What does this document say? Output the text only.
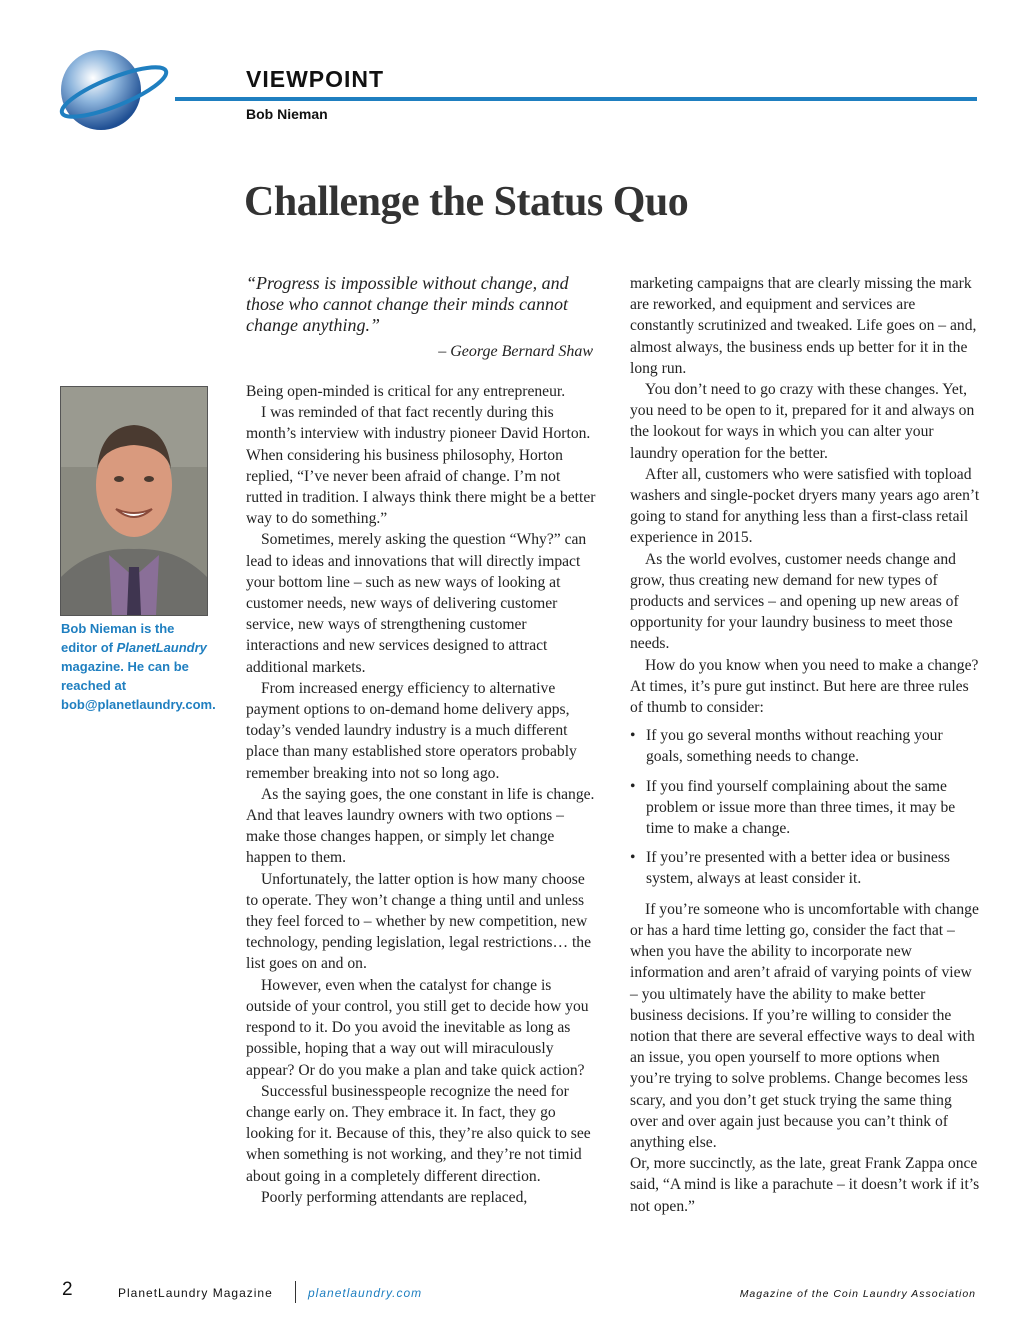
VIEWPOINT
Bob Nieman
Challenge the Status Quo
Bob Nieman is the
editor of PlanetLaundry
magazine. He can be
reached at
bob@planetlaundry.com.
“Progress is impossible without change, and those who cannot change their minds cannot change anything.”
– George Bernard Shaw

Being open-minded is critical for any entrepreneur.

I was reminded of that fact recently during this month’s interview with industry pioneer David Horton. When considering his business philosophy, Horton replied, “I’ve never been afraid of change. I’m not rutted in tradition. I always think there might be a better way to do something.”

Sometimes, merely asking the question “Why?” can lead to ideas and innovations that will directly impact your bottom line – such as new ways of looking at customer needs, new ways of delivering customer service, new ways of strengthening customer interactions and new services designed to attract additional markets.

From increased energy efficiency to alternative payment options to on-demand home delivery apps, today’s vended laundry industry is a much different place than many established store operators probably remember breaking into not so long ago.

As the saying goes, the one constant in life is change. And that leaves laundry owners with two options – make those changes happen, or simply let change happen to them.

Unfortunately, the latter option is how many choose to operate. They won’t change a thing until and unless they feel forced to – whether by new competition, new technology, pending legislation, legal restrictions… the list goes on and on.

However, even when the catalyst for change is outside of your control, you still get to decide how you respond to it. Do you avoid the inevitable as long as possible, hoping that a way out will miraculously appear? Or do you make a plan and take quick action?

Successful businesspeople recognize the need for change early on. They embrace it. In fact, they go looking for it. Because of this, they’re also quick to see when something is not working, and they’re not timid about going in a completely different direction.

Poorly performing attendants are replaced,

marketing campaigns that are clearly missing the mark are reworked, and equipment and services are constantly scrutinized and tweaked. Life goes on – and, almost always, the business ends up better for it in the long run.

You don’t need to go crazy with these changes. Yet, you need to be open to it, prepared for it and always on the lookout for ways in which you can alter your laundry operation for the better.

After all, customers who were satisfied with topload washers and single-pocket dryers many years ago aren’t going to stand for anything less than a first-class retail experience in 2015.

As the world evolves, customer needs change and grow, thus creating new demand for new types of products and services – and opening up new areas of opportunity for your laundry business to meet those needs.

How do you know when you need to make a change? At times, it’s pure gut instinct. But here are three rules of thumb to consider:

• If you go several months without reaching your goals, something needs to change.
• If you find yourself complaining about the same problem or issue more than three times, it may be time to make a change.
• If you’re presented with a better idea or business system, always at least consider it.

If you’re someone who is uncomfortable with change or has a hard time letting go, consider the fact that – when you have the ability to incorporate new information and aren’t afraid of varying points of view – you ultimately have the ability to make better business decisions. If you’re willing to consider the notion that there are several effective ways to deal with an issue, you open yourself to more options when you’re trying to solve problems. Change becomes less scary, and you don’t get stuck trying the same thing over and over again just because you can’t think of anything else.

Or, more succinctly, as the late, great Frank Zappa once said, “A mind is like a parachute – it doesn’t work if it’s not open.”

2	PlanetLaundry Magazine	planetlaundry.com	Magazine of the Coin Laundry Association
